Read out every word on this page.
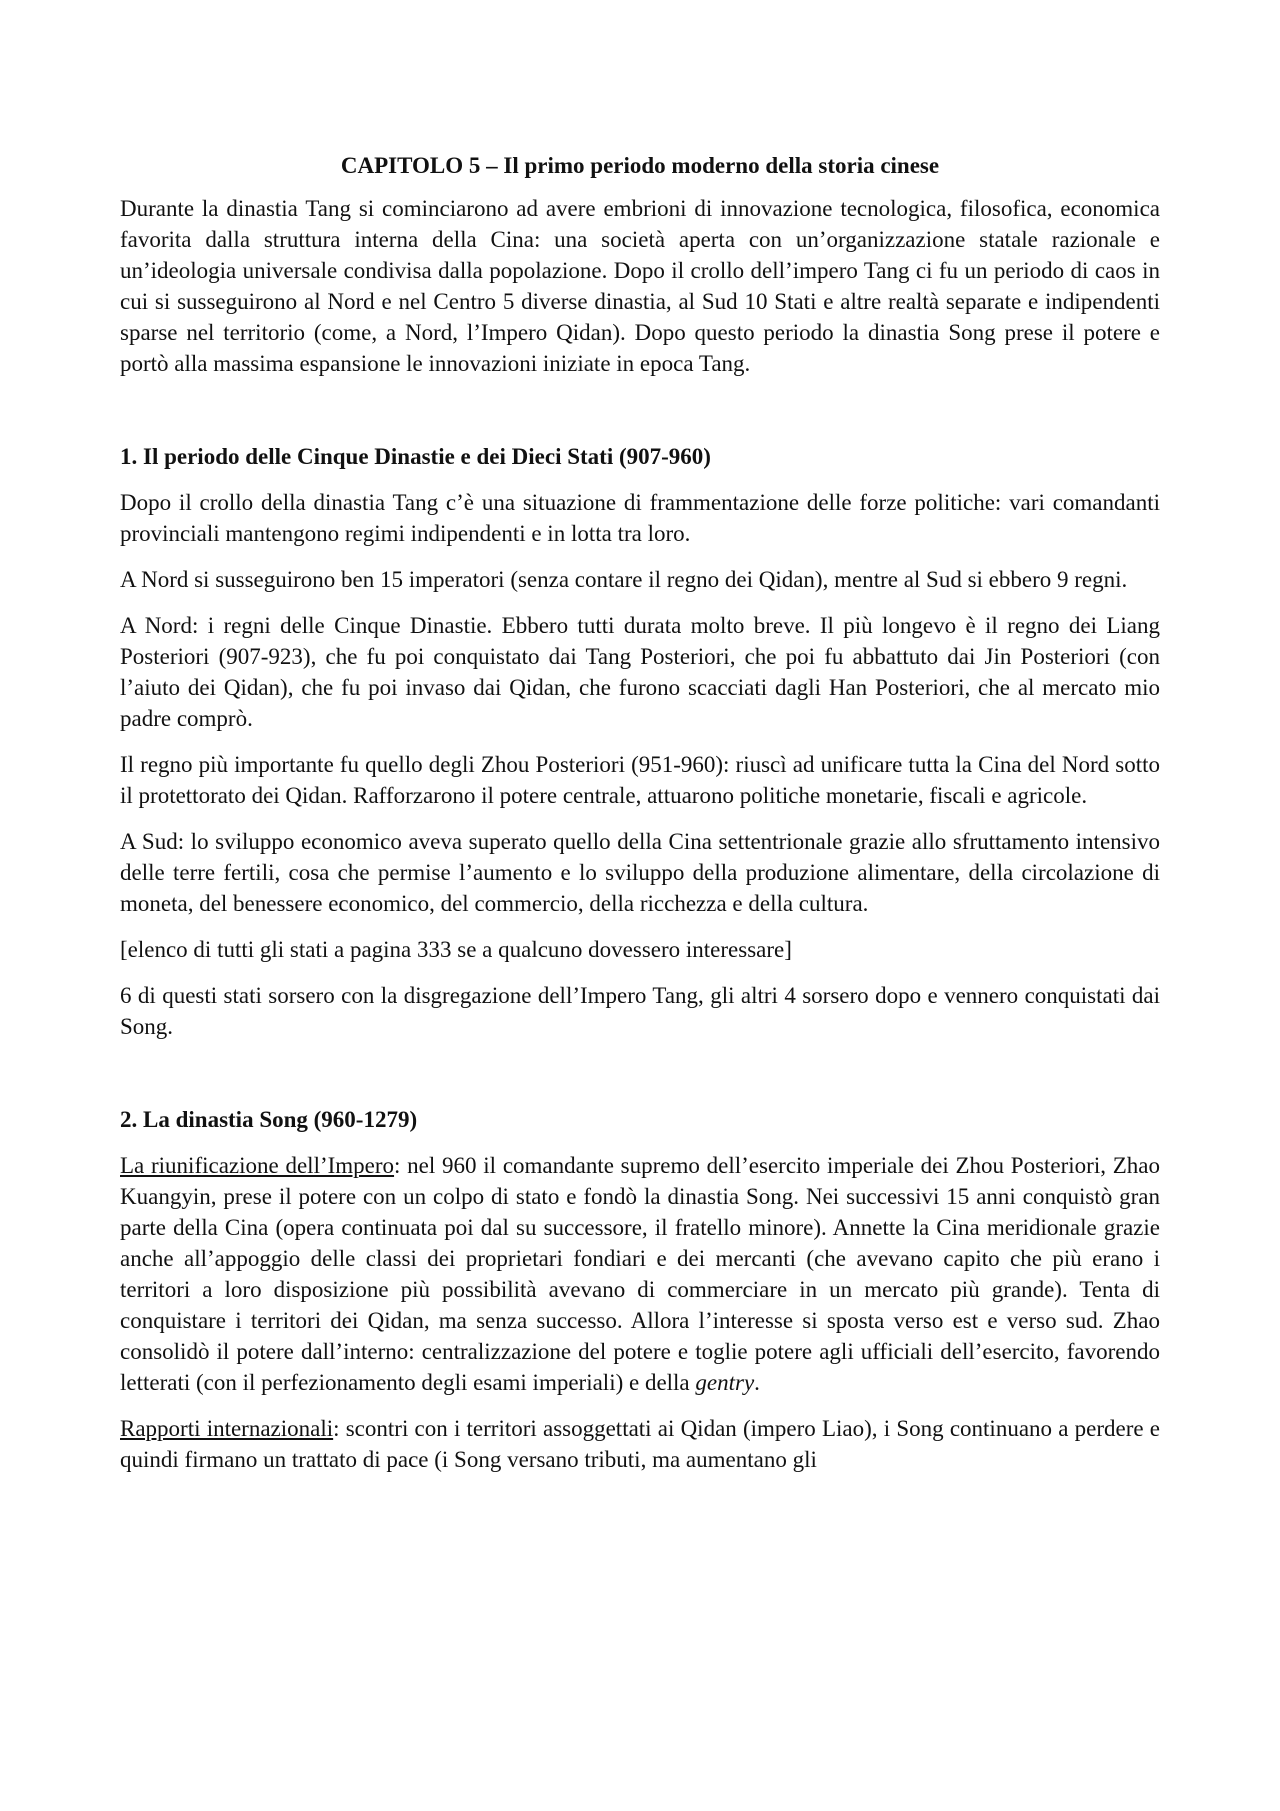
CAPITOLO 5 – Il primo periodo moderno della storia cinese

Durante la dinastia Tang si cominciarono ad avere embrioni di innovazione tecnologica, filosofica, economica favorita dalla struttura interna della Cina: una società aperta con un’organizzazione statale razionale e un’ideologia universale condivisa dalla popolazione. Dopo il crollo dell’impero Tang ci fu un periodo di caos in cui si susseguirono al Nord e nel Centro 5 diverse dinastia, al Sud 10 Stati e altre realtà separate e indipendenti sparse nel territorio (come, a Nord, l’Impero Qidan). Dopo questo periodo la dinastia Song prese il potere e portò alla massima espansione le innovazioni iniziate in epoca Tang.

1. Il periodo delle Cinque Dinastie e dei Dieci Stati (907-960)

Dopo il crollo della dinastia Tang c’è una situazione di frammentazione delle forze politiche: vari comandanti provinciali mantengono regimi indipendenti e in lotta tra loro.

A Nord si susseguirono ben 15 imperatori (senza contare il regno dei Qidan), mentre al Sud si ebbero 9 regni.

A Nord: i regni delle Cinque Dinastie. Ebbero tutti durata molto breve. Il più longevo è il regno dei Liang Posteriori (907-923), che fu poi conquistato dai Tang Posteriori, che poi fu abbattuto dai Jin Posteriori (con l’aiuto dei Qidan), che fu poi invaso dai Qidan, che furono scacciati dagli Han Posteriori, che al mercato mio padre comprò.

Il regno più importante fu quello degli Zhou Posteriori (951-960): riuscì ad unificare tutta la Cina del Nord sotto il protettorato dei Qidan. Rafforzarono il potere centrale, attuarono politiche monetarie, fiscali e agricole.

A Sud: lo sviluppo economico aveva superato quello della Cina settentrionale grazie allo sfruttamento intensivo delle terre fertili, cosa che permise l’aumento e lo sviluppo della produzione alimentare, della circolazione di moneta, del benessere economico, del commercio, della ricchezza e della cultura.

[elenco di tutti gli stati a pagina 333 se a qualcuno dovessero interessare]

6 di questi stati sorsero con la disgregazione dell’Impero Tang, gli altri 4 sorsero dopo e vennero conquistati dai Song.

2. La dinastia Song (960-1279)

La riunificazione dell’Impero: nel 960 il comandante supremo dell’esercito imperiale dei Zhou Posteriori, Zhao Kuangyin, prese il potere con un colpo di stato e fondò la dinastia Song. Nei successivi 15 anni conquistò gran parte della Cina (opera continuata poi dal su successore, il fratello minore). Annette la Cina meridionale grazie anche all’appoggio delle classi dei proprietari fondiari e dei mercanti (che avevano capito che più erano i territori a loro disposizione più possibilità avevano di commerciare in un mercato più grande). Tenta di conquistare i territori dei Qidan, ma senza successo. Allora l’interesse si sposta verso est e verso sud. Zhao consolidò il potere dall’interno: centralizzazione del potere e toglie potere agli ufficiali dell’esercito, favorendo letterati (con il perfezionamento degli esami imperiali) e della gentry.

Rapporti internazionali: scontri con i territori assoggettati ai Qidan (impero Liao), i Song continuano a perdere e quindi firmano un trattato di pace (i Song versano tributi, ma aumentano gli
